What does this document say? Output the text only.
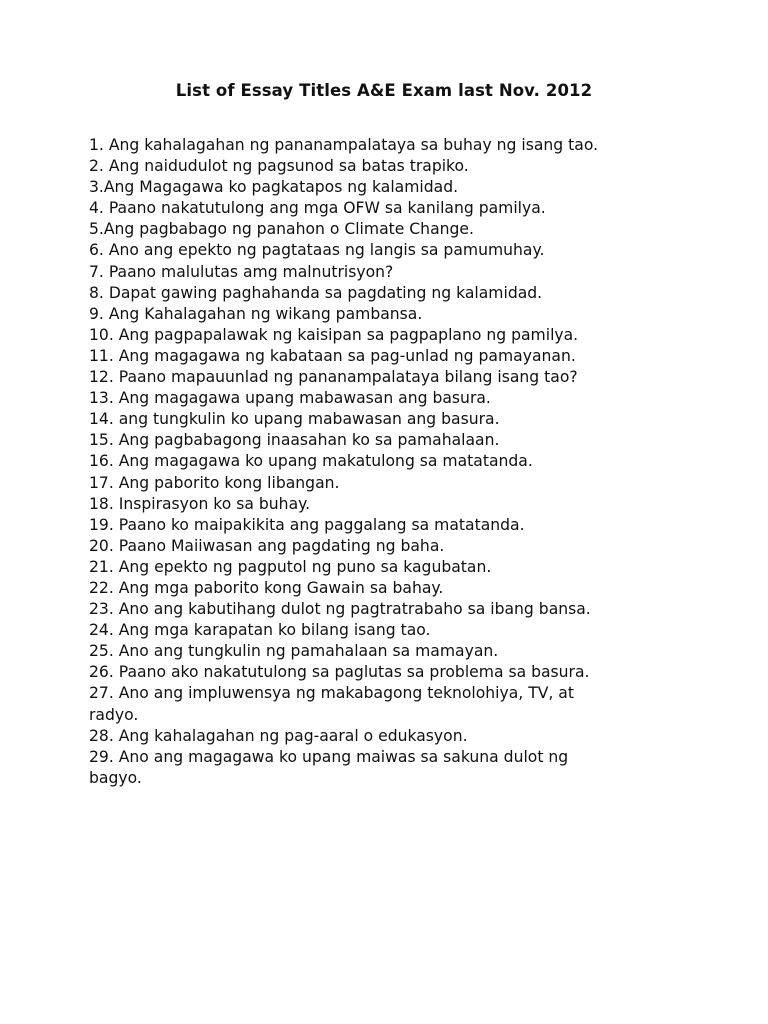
List of Essay Titles A&E Exam last Nov. 2012
1. Ang kahalagahan ng pananampalataya sa buhay ng isang tao.
2. Ang naidudulot ng pagsunod sa batas trapiko.
3.Ang Magagawa ko pagkatapos ng kalamidad.
4. Paano nakatutulong ang mga OFW sa kanilang pamilya.
5.Ang pagbabago ng panahon o Climate Change.
6. Ano ang epekto ng pagtataas ng langis sa pamumuhay.
7. Paano malulutas amg malnutrisyon?
8. Dapat gawing paghahanda sa pagdating ng kalamidad.
9. Ang Kahalagahan ng wikang pambansa.
10. Ang pagpapalawak ng kaisipan sa pagpaplano ng pamilya.
11. Ang magagawa ng kabataan sa pag-unlad ng pamayanan.
12. Paano mapauunlad ng pananampalataya bilang isang tao?
13. Ang magagawa upang mabawasan ang basura.
14. ang tungkulin ko upang mabawasan ang basura.
15. Ang pagbabagong inaasahan ko sa pamahalaan.
16. Ang magagawa ko upang makatulong sa matatanda.
17. Ang paborito kong libangan.
18. Inspirasyon ko sa buhay.
19. Paano ko maipakikita ang paggalang sa matatanda.
20. Paano Maiiwasan ang pagdating ng baha.
21. Ang epekto ng pagputol ng puno sa kagubatan.
22. Ang mga paborito kong Gawain sa bahay.
23. Ano ang kabutihang dulot ng pagtratrabaho sa ibang bansa.
24. Ang mga karapatan ko bilang isang tao.
25. Ano ang tungkulin ng pamahalaan sa mamayan.
26. Paano ako nakatutulong sa paglutas sa problema sa basura.
27. Ano ang impluwensya ng makabagong teknolohiya, TV, at
radyo.
28. Ang kahalagahan ng pag-aaral o edukasyon.
29. Ano ang magagawa ko upang maiwas sa sakuna dulot ng
bagyo.
